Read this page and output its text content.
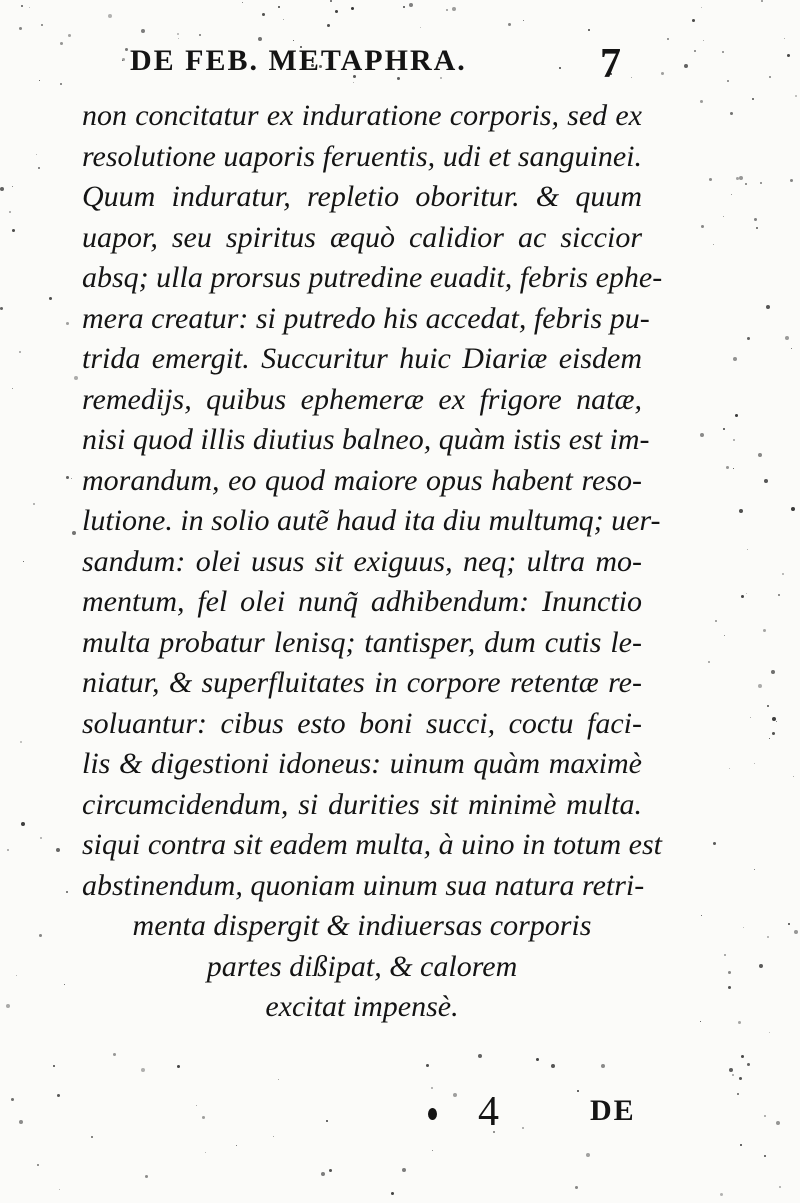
DE FEB. METAPHRA.	7
non concitatur ex induratione corporis, sed ex
resolutione uaporis feruentis, udi et sanguinei.
Quum induratur, repletio oboritur. & quum
uapor, seu spiritus æquò calidior ac siccior
absq; ulla prorsus putredine euadit, febris ephe-
mera creatur: si putredo his accedat, febris pu-
trida emergit. Succuritur huic Diariæ eisdem
remedijs, quibus ephemeræ ex frigore natæ,
nisi quod illis diutius balneo, quàm istis est im-
morandum, eo quod maiore opus habent reso-
lutione. in solio autẽ haud ita diu multumq; uer-
sandum: olei usus sit exiguus, neq; ultra mo-
mentum, fel olei nunq̃ adhibendum: Inunctio
multa probatur lenisq; tantisper, dum cutis le-
niatur, & superfluitates in corpore retentæ re-
soluantur: cibus esto boni succi, coctu faci-
lis & digestioni idoneus: uinum quàm maximè
circumcidendum, si durities sit minimè multa.
siqui contra sit eadem multa, à uino in totum est
abstinendum, quoniam uinum sua natura retri-
menta dispergit & indiuersas corporis
partes dißipat, & calorem
excitat impensè.
4	DE
